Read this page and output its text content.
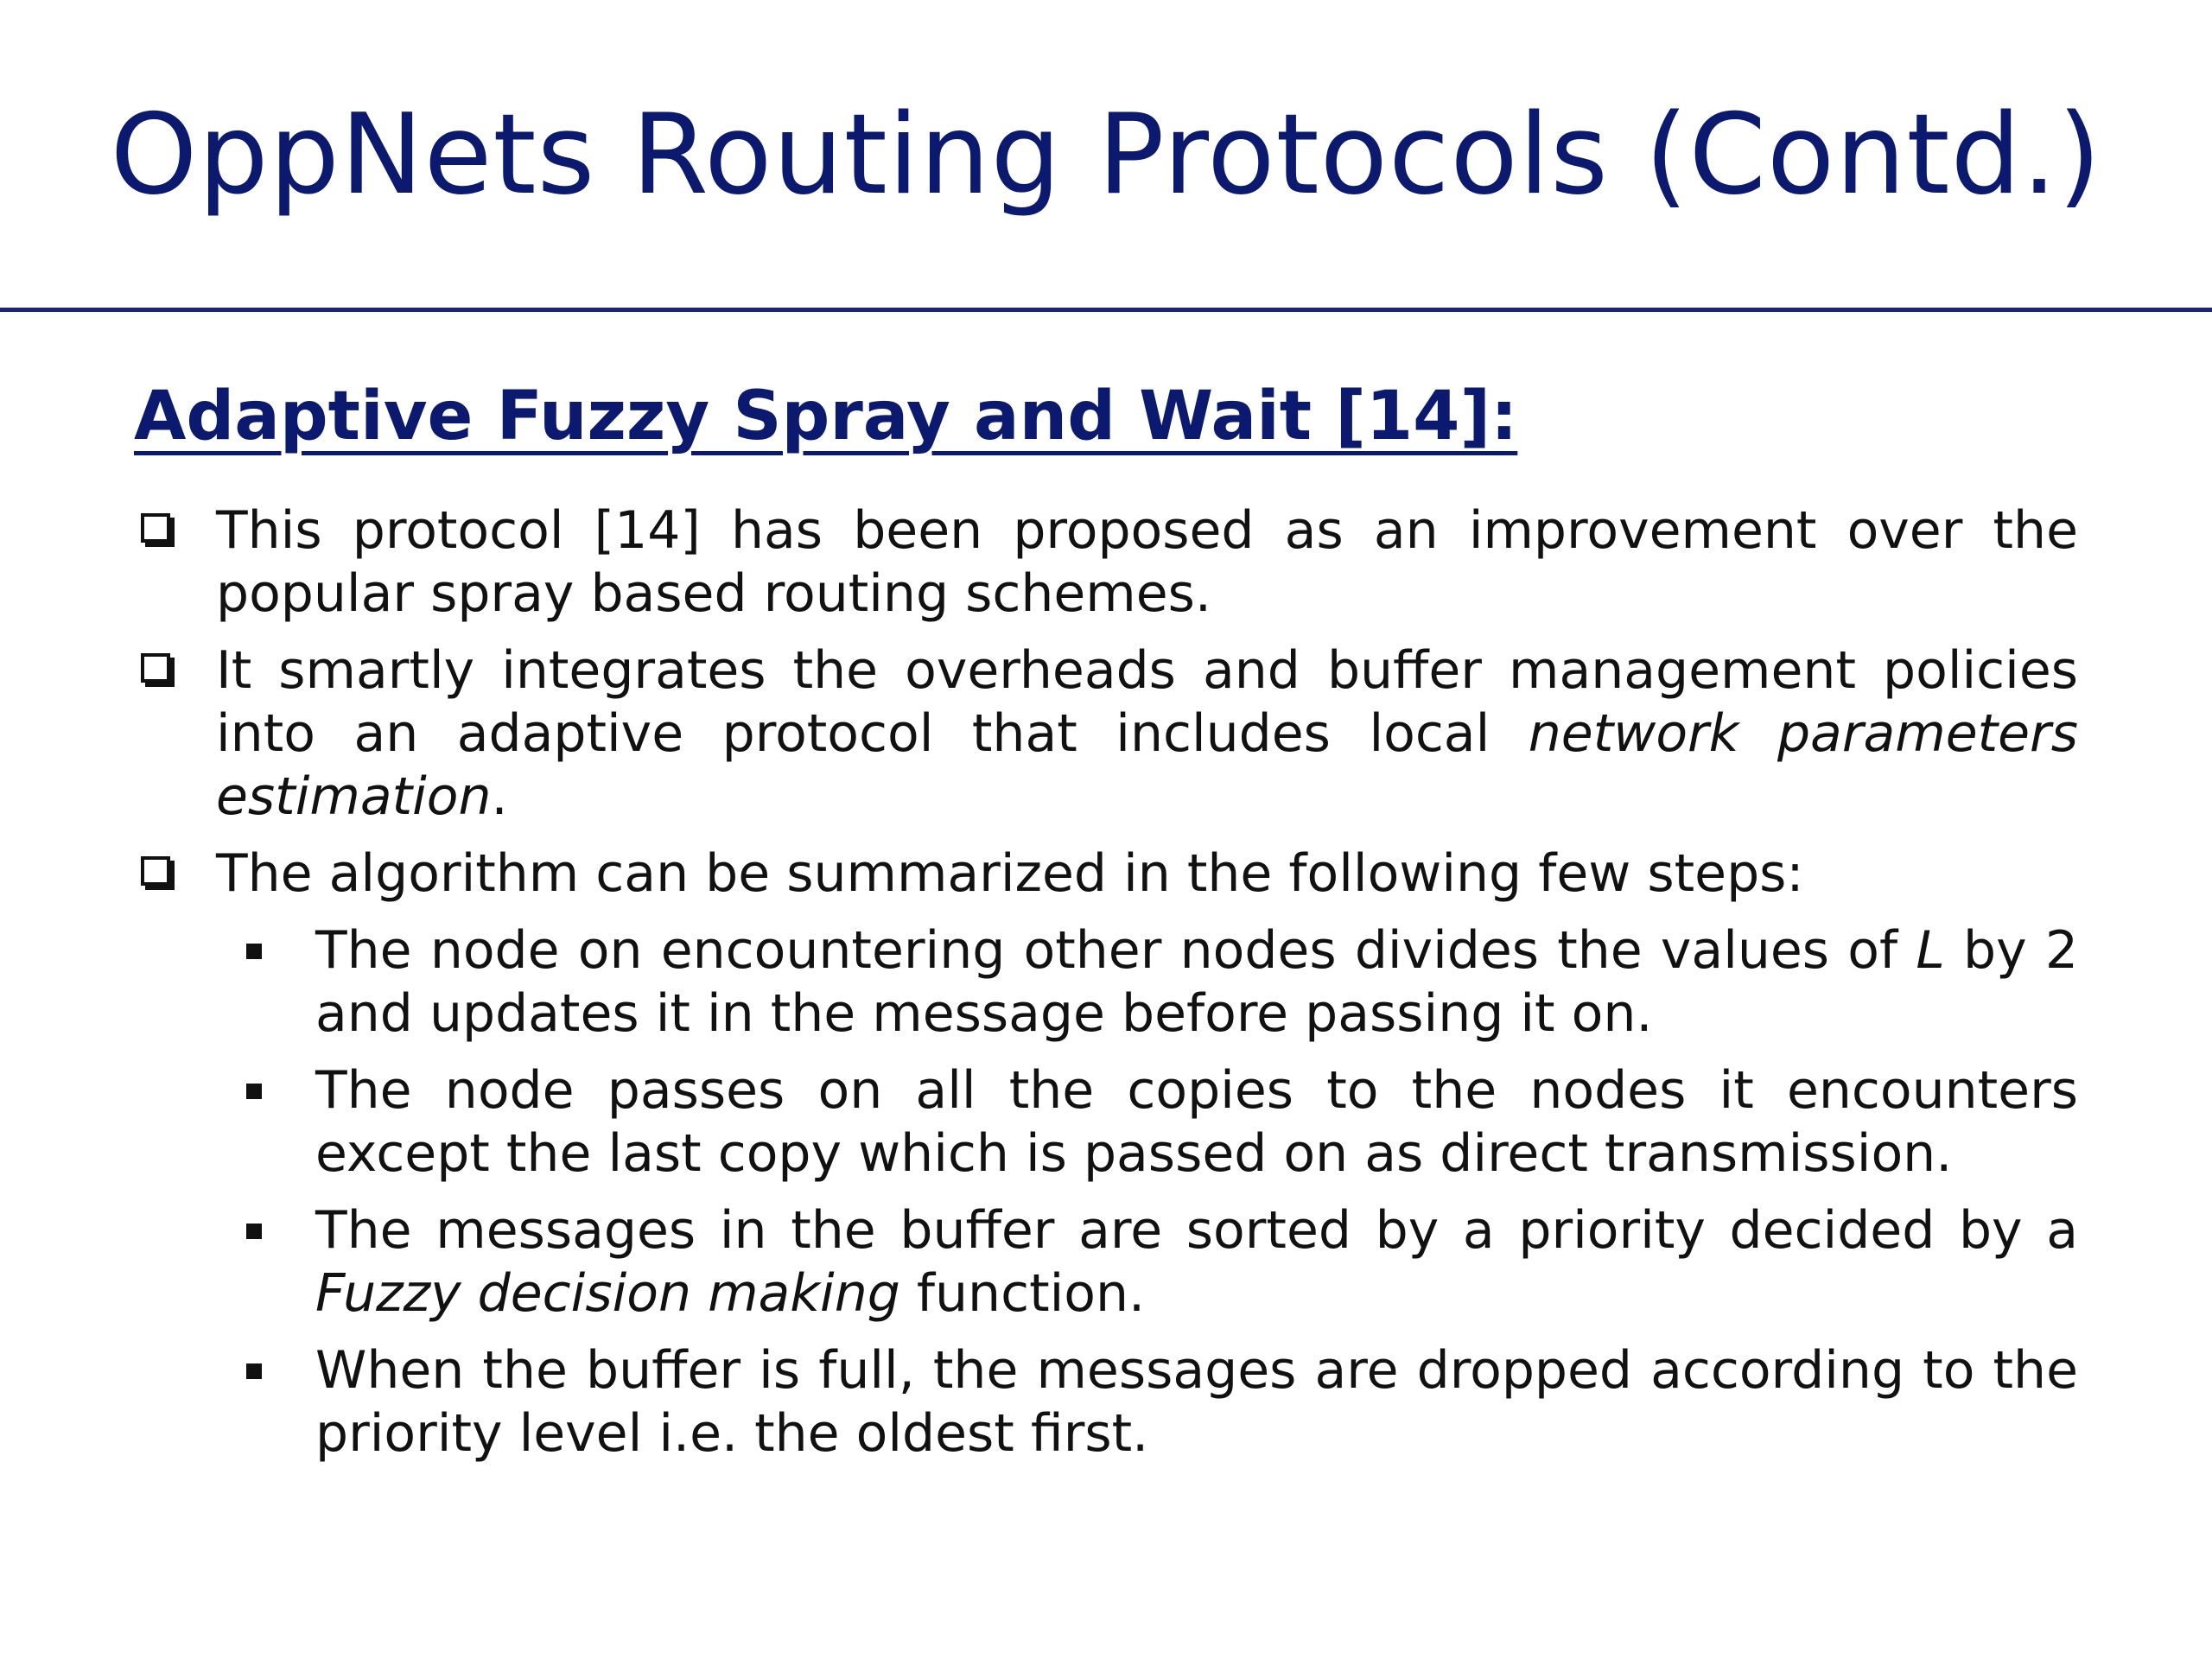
OppNets Routing Protocols (Contd.)
Adaptive Fuzzy Spray and Wait [14]:
This protocol [14] has been proposed as an improvement over the popular spray based routing schemes.
It smartly integrates the overheads and buffer management policies into an adaptive protocol that includes local network parameters estimation.
The algorithm can be summarized in the following few steps:
The node on encountering other nodes divides the values of L by 2 and updates it in the message before passing it on.
The node passes on all the copies to the nodes it encounters except the last copy which is passed on as direct transmission.
The messages in the buffer are sorted by a priority decided by a Fuzzy decision making function.
When the buffer is full, the messages are dropped according to the priority level i.e. the oldest first.
